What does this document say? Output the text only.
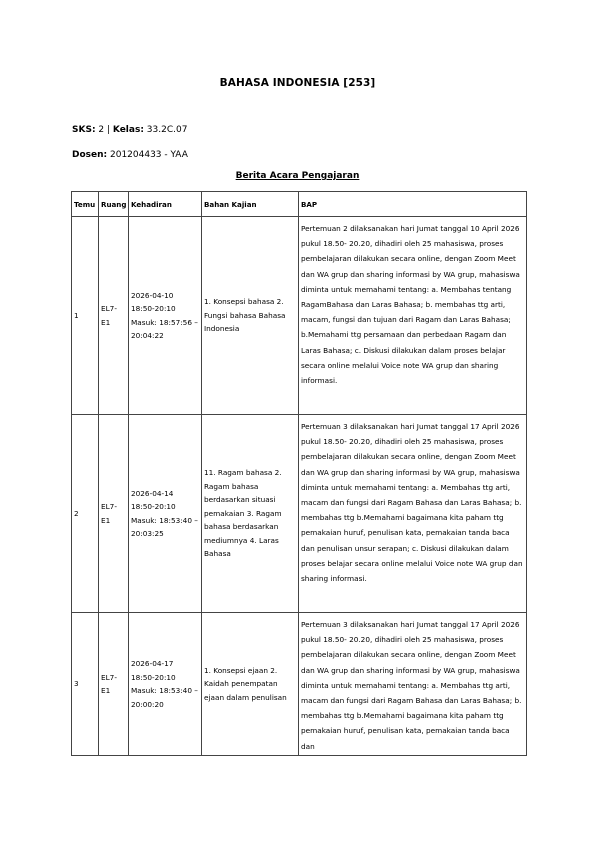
BAHASA INDONESIA [253]
SKS: 2 | Kelas: 33.2C.07
Dosen: 201204433 - YAA
Berita Acara Pengajaran
Temu	Ruang	Kehadiran	Bahan Kajian	BAP
1	EL7-E1	2026-04-10 18:50-20:10 Masuk: 18:57:56 – 20:04:22	1. Konsepsi bahasa 2. Fungsi bahasa Bahasa Indonesia	Pertemuan 2 dilaksanakan hari Jumat tanggal 10 April 2026 pukul 18.50- 20.20, dihadiri oleh 25 mahasiswa, proses pembelajaran dilakukan secara online, dengan Zoom Meet dan WA grup dan sharing informasi by WA grup, mahasiswa diminta untuk memahami tentang: a. Membahas tentang RagamBahasa dan Laras Bahasa; b. membahas ttg arti, macam, fungsi dan tujuan dari Ragam dan Laras Bahasa; b.Memahami ttg persamaan dan perbedaan Ragam dan Laras Bahasa; c. Diskusi dilakukan dalam proses belajar secara online melalui Voice note WA grup dan sharing informasi.
2	EL7-E1	2026-04-14 18:50-20:10 Masuk: 18:53:40 – 20:03:25	11. Ragam bahasa 2. Ragam bahasa berdasarkan situasi pemakaian 3. Ragam bahasa berdasarkan mediumnya 4. Laras Bahasa	Pertemuan 3 dilaksanakan hari Jumat tanggal 17 April 2026 pukul 18.50- 20.20, dihadiri oleh 25 mahasiswa, proses pembelajaran dilakukan secara online, dengan Zoom Meet dan WA grup dan sharing informasi by WA grup, mahasiswa diminta untuk memahami tentang: a. Membahas ttg arti, macam dan fungsi dari Ragam Bahasa dan Laras Bahasa; b. membahas ttg b.Memahami bagaimana kita paham ttg pemakaian huruf, penulisan kata, pemakaian tanda baca dan penulisan unsur serapan; c. Diskusi dilakukan dalam proses belajar secara online melalui Voice note WA grup dan sharing informasi.
3	EL7-E1	2026-04-17 18:50-20:10 Masuk: 18:53:40 – 20:00:20	1. Konsepsi ejaan 2. Kaidah penempatan ejaan dalam penulisan	Pertemuan 3 dilaksanakan hari Jumat tanggal 17 April 2026 pukul 18.50- 20.20, dihadiri oleh 25 mahasiswa, proses pembelajaran dilakukan secara online, dengan Zoom Meet dan WA grup dan sharing informasi by WA grup, mahasiswa diminta untuk memahami tentang: a. Membahas ttg arti, macam dan fungsi dari Ragam Bahasa dan Laras Bahasa; b. membahas ttg b.Memahami bagaimana kita paham ttg pemakaian huruf, penulisan kata, pemakaian tanda baca dan
